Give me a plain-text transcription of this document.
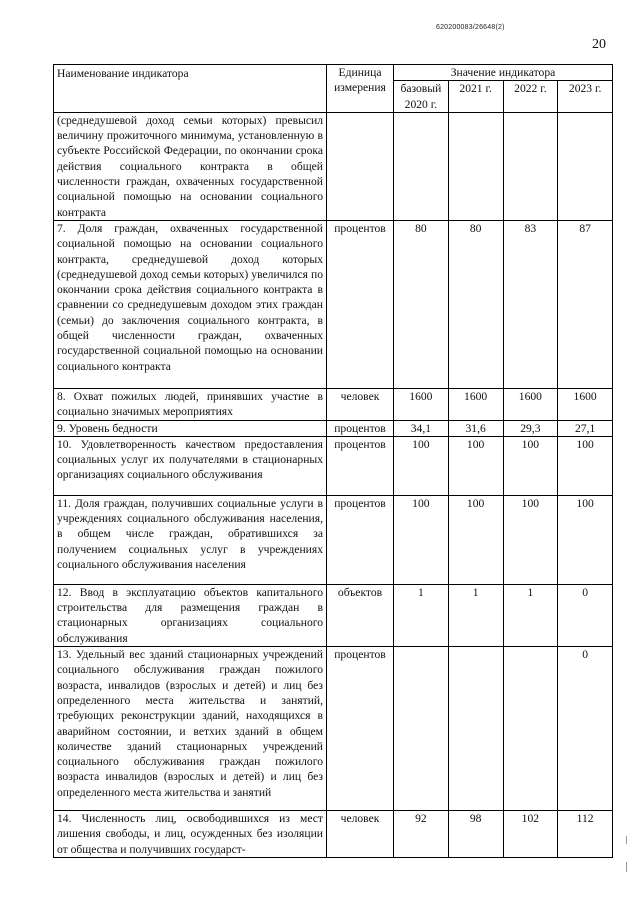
620200083/26648(2)
20
Наименование индикатора	Единица измерения	Значение индикатора			
		базовый 2020 г.	2021 г.	2022 г.	2023 г.
(среднедушевой доход семьи которых) превысил величину прожиточного минимума, установленную в субъекте Российской Федерации, по окончании срока действия социального контракта в общей численности граждан, охваченных государственной социальной помощью на основании социального контракта					
7. Доля граждан, охваченных государственной социальной помощью на основании социального контракта, среднедушевой доход которых (среднедушевой доход семьи которых) увеличился по окончании срока действия социального контракта в сравнении со среднедушевым доходом этих граждан (семьи) до заключения социального контракта, в общей численности граждан, охваченных государственной социальной помощью на основании социального контракта	процентов	80	80	83	87
8. Охват пожилых людей, принявших участие в социально значимых мероприятиях	человек	1600	1600	1600	1600
9. Уровень бедности	процентов	34,1	31,6	29,3	27,1
10. Удовлетворенность качеством предоставления социальных услуг их получателями в стационарных организациях социального обслуживания	процентов	100	100	100	100
11. Доля граждан, получивших социальные услуги в учреждениях социального обслуживания населения, в общем числе граждан, обратившихся за получением социальных услуг в учреждениях социального обслуживания населения	процентов	100	100	100	100
12. Ввод в эксплуатацию объектов капитального строительства для размещения граждан в стационарных организациях социального обслуживания	объектов	1	1	1	0
13. Удельный вес зданий стационарных учреждений социального обслуживания граждан пожилого возраста, инвалидов (взрослых и детей) и лиц без определенного места жительства и занятий, требующих реконструкции зданий, находящихся в аварийном состоянии, и ветхих зданий в общем количестве зданий стационарных учреждений социального обслуживания граждан пожилого возраста инвалидов (взрослых и детей) и лиц без определенного места жительства и занятий	процентов				0
14. Численность лиц, освободившихся из мест лишения свободы, и лиц, осужденных без изоляции от общества и получивших государст-	человек	92	98	102	112
